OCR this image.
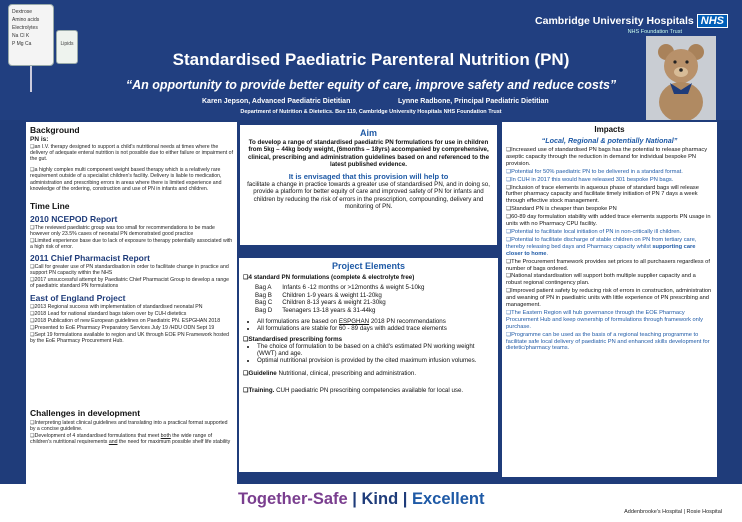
Dextrose
Amino acids
Electrolytes
Na Cl K
P Mg Ca	Lipids
Cambridge University Hospitals NHS
NHS Foundation Trust
Standardised Paediatric Parenteral Nutrition (PN)
“An opportunity to provide better equity of care, improve safety and reduce costs”
Karen Jepson, Advanced Paediatric Dietitian	Lynne Radbone, Principal Paediatric Dietitian
Department of Nutrition & Dietetics. Box 119, Cambridge University Hospitals NHS Foundation Trust
Background

PN is:

❑an I.V. therapy designed to support a child's nutritional needs at times where the delivery of adequate enteral nutrition is not possible due to either failure or impairment of the gut.

❑a highly complex multi component weight based therapy which is a relatively rare requirement outside of a specialist children's facility. Delivery is liable to medication, administration and prescribing errors in areas where there is limited experience and knowledge of the ordering, construction and use of PN in infants and children.

Time Line
2010 NCEPOD Report

❑The reviewed paediatric group was too small for recommendations to be made however only 23.5% cases of neonatal PN demonstrated good practice

❑Limited experience base due to lack of exposure to therapy potentially associated with a high risk of error.

2011 Chief Pharmacist Report

❑Call for greater use of PN standardisation in order to facilitate change in practice and support PN capacity within the NHS

❑2017 unsuccessful attempt by Paediatric Chief Pharmacist Group to develop a range of paediatric standard PN formulations

East of England Project

❑2013 Regional success with implementation of standardised neonatal PN

❑2018 Lead for national standard bags taken over by CUH dietetics

❑2018 Publication of new European guidelines on Paediatric PN. ESPGHAN 2018

❑Presented to EoE Pharmacy Preparatory Services July 19 /HDU ODN Sept 19

❑Sept 19 formulations available to region and UK through EOE PN Framework hosted by the EoE Pharmacy Procurement Hub.

Challenges in development

❑Interpreting latest clinical guidelines and translating into a practical format supported by a concise guideline.

❑Development of 4 standardised formulations that meet both the wide range of children's nutritional requirements and the need for maximum possible shelf life stability

Aim
To develop a range of standardised paediatric PN formulations for use in children from 5kg – 44kg body weight, (6months – 18yrs) accompanied by comprehensive, clinical, prescribing and administration guidelines based on and referenced to the latest published evidence.
It is envisaged that this provision will help to
facilitate a change in practice towards a greater use of standardised PN, and in doing so, provide a platform for better equity of care and improved safety of PN for infants and children by reducing the risk of errors in the prescription, compounding, delivery and monitoring of PN.
Project Elements
❑4 standard PN formulations (complete & electrolyte free)
Bag A	Infants 6 -12 months or >12months & weight 5-10kg
Bag B	Children 1-9 years & weight 11-20kg
Bag C	Children 8-13 years & weight 21-30kg
Bag D	Teenagers 13-18 years & 31-44kg
• All formulations are based on ESPGHAN 2018 PN recommendations
• All formulations are stable for 60 - 89 days with added trace elements
❑Standardised prescribing forms
• The choice of formulation to be based on a child's estimated PN working weight (WWT) and age.
• Optimal nutritional provision is provided by the cited maximum infusion volumes.
❑Guideline Nutritional, clinical, prescribing and administration.
❑Training. CUH paediatric PN prescribing competencies available for local use.
Impacts
“Local, Regional & potentially National”

❑Increased use of standardised PN bags has the potential to release pharmacy aseptic capacity through the reduction in demand for individual bespoke PN provision.

❑Potential for 50% paediatric PN to be delivered in a standard format.

❑In CUH in 2017 this would have released 301 bespoke PN bags.

❑Inclusion of trace elements in aqueous phase of standard bags will release further pharmacy capacity and facilitate timely initiation of PN 7 days a week through effective stock management.

❑Standard PN is cheaper than bespoke PN

❑60-89 day formulation stability with added trace elements supports PN usage in units with no Pharmacy CPU facility.

❑Potential to facilitate local initiation of PN in non-critically ill children.

❑Potential to facilitate discharge of stable children on PN from tertiary care, thereby releasing bed days and Pharmacy capacity whilst supporting care closer to home.

❑The Procurement framework provides set prices to all purchasers regardless of number of bags ordered.

❑National standardisation will support both multiple supplier capacity and a robust regional contingency plan.

❑Improved patient safety by reducing risk of errors in construction, administration and weaning of PN in paediatric units with little experience of PN prescribing and management.

❑The Eastern Region will hub governance through the EOE Pharmacy Procurement Hub and keep ownership of formulations through framework only purchase.

❑Programme can be used as the basis of a regional teaching programme to facilitate safe local delivery of paediatric PN and enhanced skills development for dietetic/pharmacy teams.

Together-Safe | Kind | Excellent
Addenbrooke's Hospital | Rosie Hospital
